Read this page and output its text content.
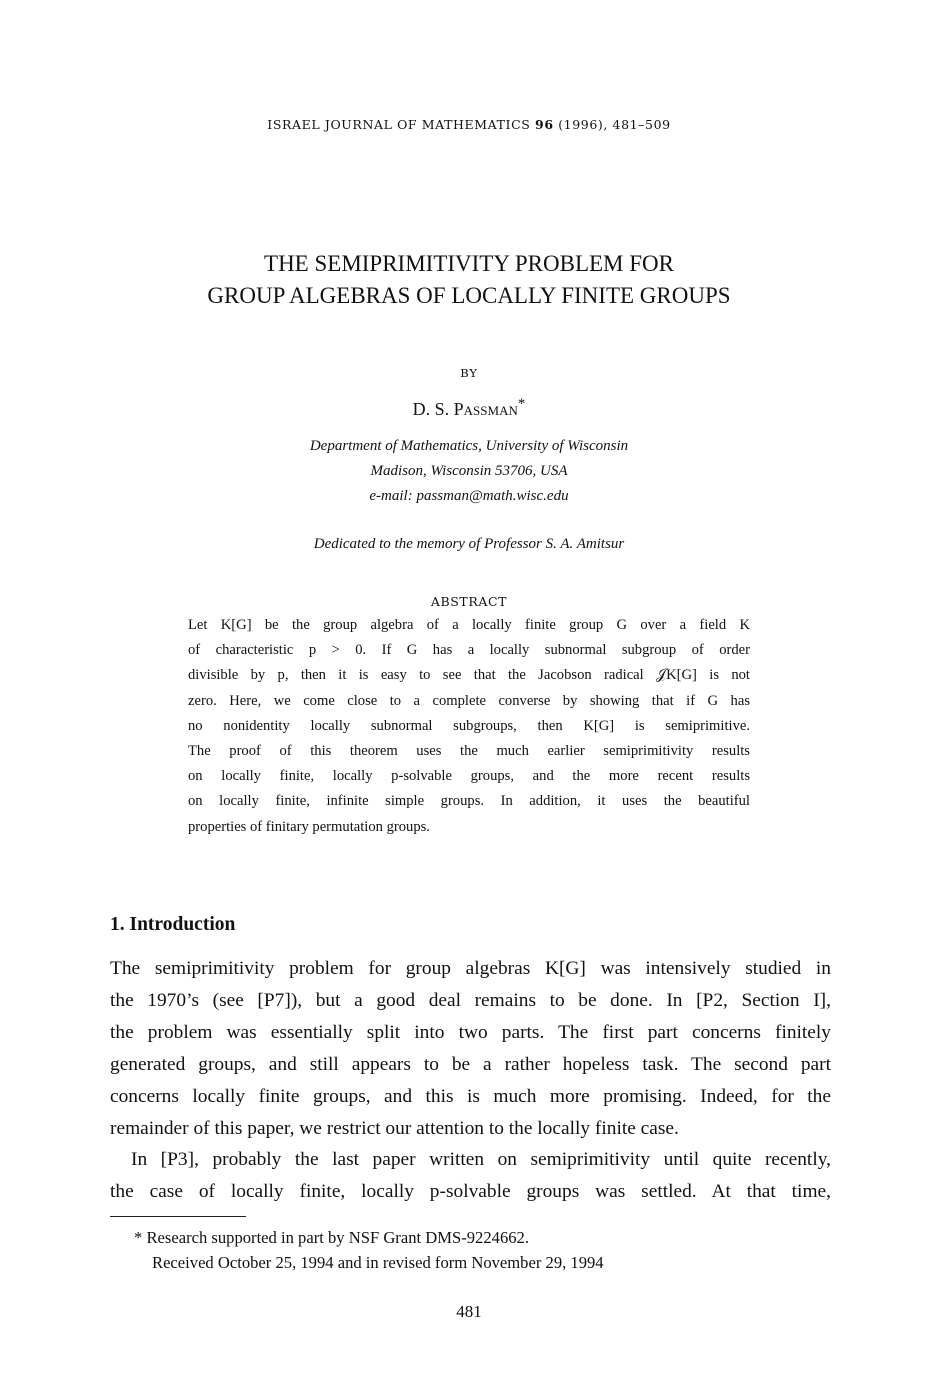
ISRAEL JOURNAL OF MATHEMATICS 96 (1996), 481–509
THE SEMIPRIMITIVITY PROBLEM FOR
GROUP ALGEBRAS OF LOCALLY FINITE GROUPS
BY
D. S. Passman*
Department of Mathematics, University of Wisconsin
Madison, Wisconsin 53706, USA
e-mail: passman@math.wisc.edu
Dedicated to the memory of Professor S. A. Amitsur
ABSTRACT
Let K[G] be the group algebra of a locally finite group G over a field K
of characteristic p > 0. If G has a locally subnormal subgroup of order
divisible by p, then it is easy to see that the Jacobson radical 𝒥K[G] is not
zero. Here, we come close to a complete converse by showing that if G has
no nonidentity locally subnormal subgroups, then K[G] is semiprimitive.
The proof of this theorem uses the much earlier semiprimitivity results
on locally finite, locally p-solvable groups, and the more recent results
on locally finite, infinite simple groups. In addition, it uses the beautiful
properties of finitary permutation groups.
1. Introduction
The semiprimitivity problem for group algebras K[G] was intensively studied in
the 1970’s (see [P7]), but a good deal remains to be done. In [P2, Section I],
the problem was essentially split into two parts. The first part concerns finitely
generated groups, and still appears to be a rather hopeless task. The second part
concerns locally finite groups, and this is much more promising. Indeed, for the
remainder of this paper, we restrict our attention to the locally finite case.
In [P3], probably the last paper written on semiprimitivity until quite recently,
the case of locally finite, locally p-solvable groups was settled. At that time,
* Research supported in part by NSF Grant DMS-9224662.
Received October 25, 1994 and in revised form November 29, 1994
481
